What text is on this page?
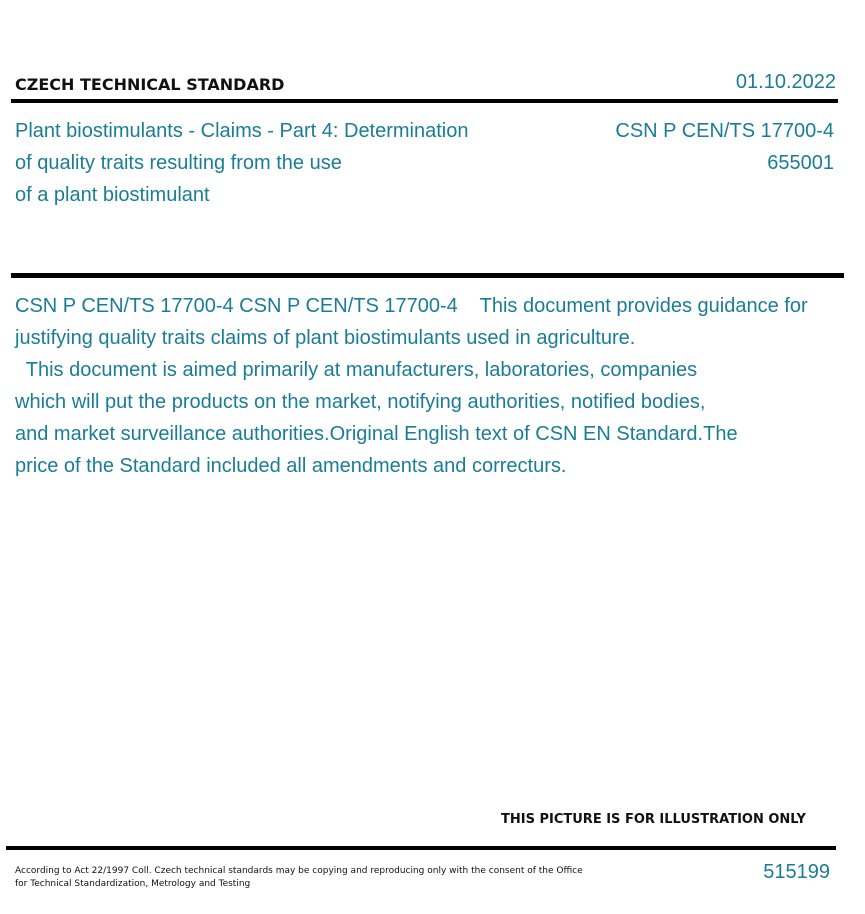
CZECH TECHNICAL STANDARD	01.10.2022
Plant biostimulants - Claims - Part 4: Determination
of quality traits resulting from the use
of a plant biostimulant
CSN P CEN/TS 17700-4
655001
CSN P CEN/TS 17700-4 CSN P CEN/TS 17700-4    This document provides guidance for
justifying quality traits claims of plant biostimulants used in agriculture.
This document is aimed primarily at manufacturers, laboratories, companies
which will put the products on the market, notifying authorities, notified bodies,
and market surveillance authorities.Original English text of CSN EN Standard.The
price of the Standard included all amendments and correcturs.
THIS PICTURE IS FOR ILLUSTRATION ONLY
According to Act 22/1997 Coll. Czech technical standards may be copying and reproducing only with the consent of the Office
for Technical Standardization, Metrology and Testing
515199
